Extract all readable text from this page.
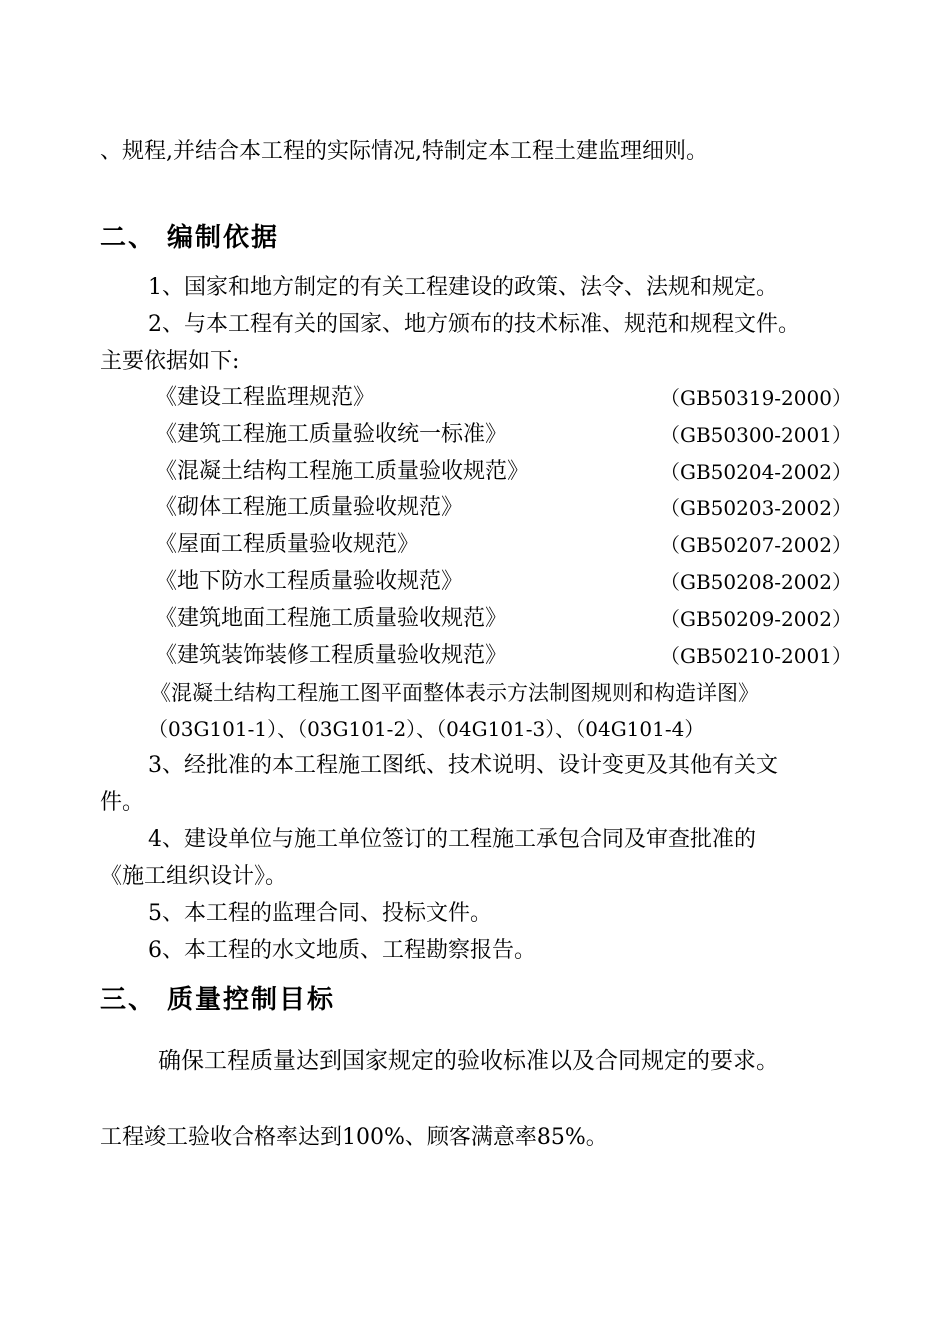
、规程,并结合本工程的实际情况,特制定本工程土建监理细则。

二、 编制依据

1、国家和地方制定的有关工程建设的政策、法令、法规和规定。

2、与本工程有关的国家、地方颁布的技术标准、规范和规程文件。

主要依据如下:

《建设工程监理规范》	（GB50319-2000）
《建筑工程施工质量验收统一标准》	（GB50300-2001）
《混凝土结构工程施工质量验收规范》	（GB50204-2002）
《砌体工程施工质量验收规范》	（GB50203-2002）
《屋面工程质量验收规范》	（GB50207-2002）
《地下防水工程质量验收规范》	（GB50208-2002）
《建筑地面工程施工质量验收规范》	（GB50209-2002）
《建筑装饰装修工程质量验收规范》	（GB50210-2001）

《混凝土结构工程施工图平面整体表示方法制图规则和构造详图》

（03G101-1）、（03G101-2）、（04G101-3）、（04G101-4）

3、经批准的本工程施工图纸、技术说明、设计变更及其他有关文

件。

4、建设单位与施工单位签订的工程施工承包合同及审查批准的

《施工组织设计》。

5、本工程的监理合同、投标文件。

6、本工程的水文地质、工程勘察报告。

三、 质量控制目标

确保工程质量达到国家规定的验收标准以及合同规定的要求。

工程竣工验收合格率达到100%、顾客满意率85%。
